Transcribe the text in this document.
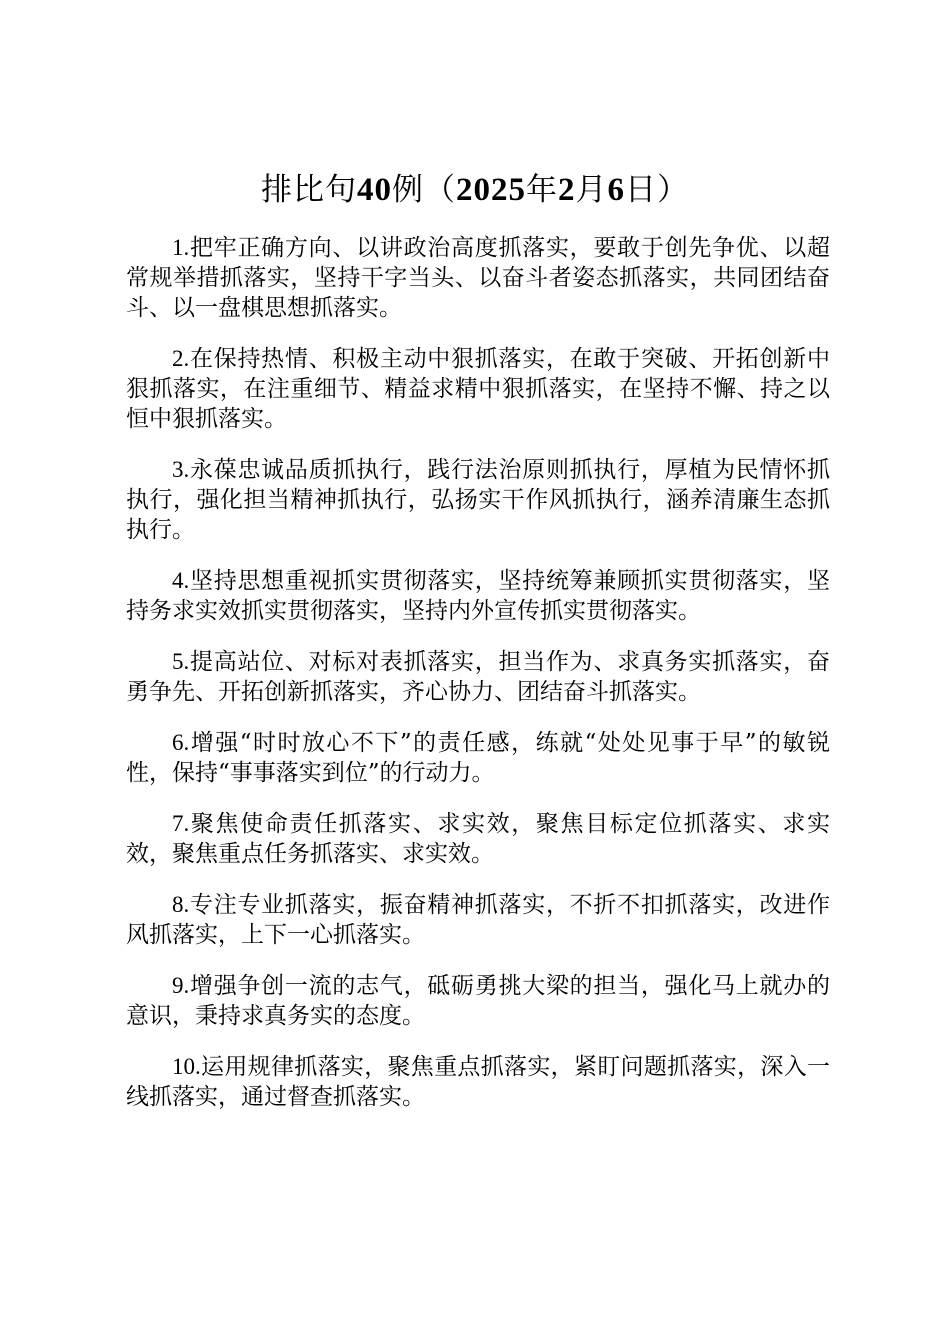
排比句40例（2025年2月6日）

1.把牢正确方向、以讲政治高度抓落实，要敢于创先争优、以超常规举措抓落实，坚持干字当头、以奋斗者姿态抓落实，共同团结奋斗、以一盘棋思想抓落实。

2.在保持热情、积极主动中狠抓落实，在敢于突破、开拓创新中狠抓落实，在注重细节、精益求精中狠抓落实，在坚持不懈、持之以恒中狠抓落实。

3.永葆忠诚品质抓执行，践行法治原则抓执行，厚植为民情怀抓执行，强化担当精神抓执行，弘扬实干作风抓执行，涵养清廉生态抓执行。

4.坚持思想重视抓实贯彻落实，坚持统筹兼顾抓实贯彻落实，坚持务求实效抓实贯彻落实，坚持内外宣传抓实贯彻落实。

5.提高站位、对标对表抓落实，担当作为、求真务实抓落实，奋勇争先、开拓创新抓落实，齐心协力、团结奋斗抓落实。

6.增强“时时放心不下”的责任感，练就“处处见事于早”的敏锐性，保持“事事落实到位”的行动力。

7.聚焦使命责任抓落实、求实效，聚焦目标定位抓落实、求实效，聚焦重点任务抓落实、求实效。

8.专注专业抓落实，振奋精神抓落实，不折不扣抓落实，改进作风抓落实，上下一心抓落实。

9.增强争创一流的志气，砥砺勇挑大梁的担当，强化马上就办的意识，秉持求真务实的态度。

10.运用规律抓落实，聚焦重点抓落实，紧盯问题抓落实，深入一线抓落实，通过督查抓落实。
